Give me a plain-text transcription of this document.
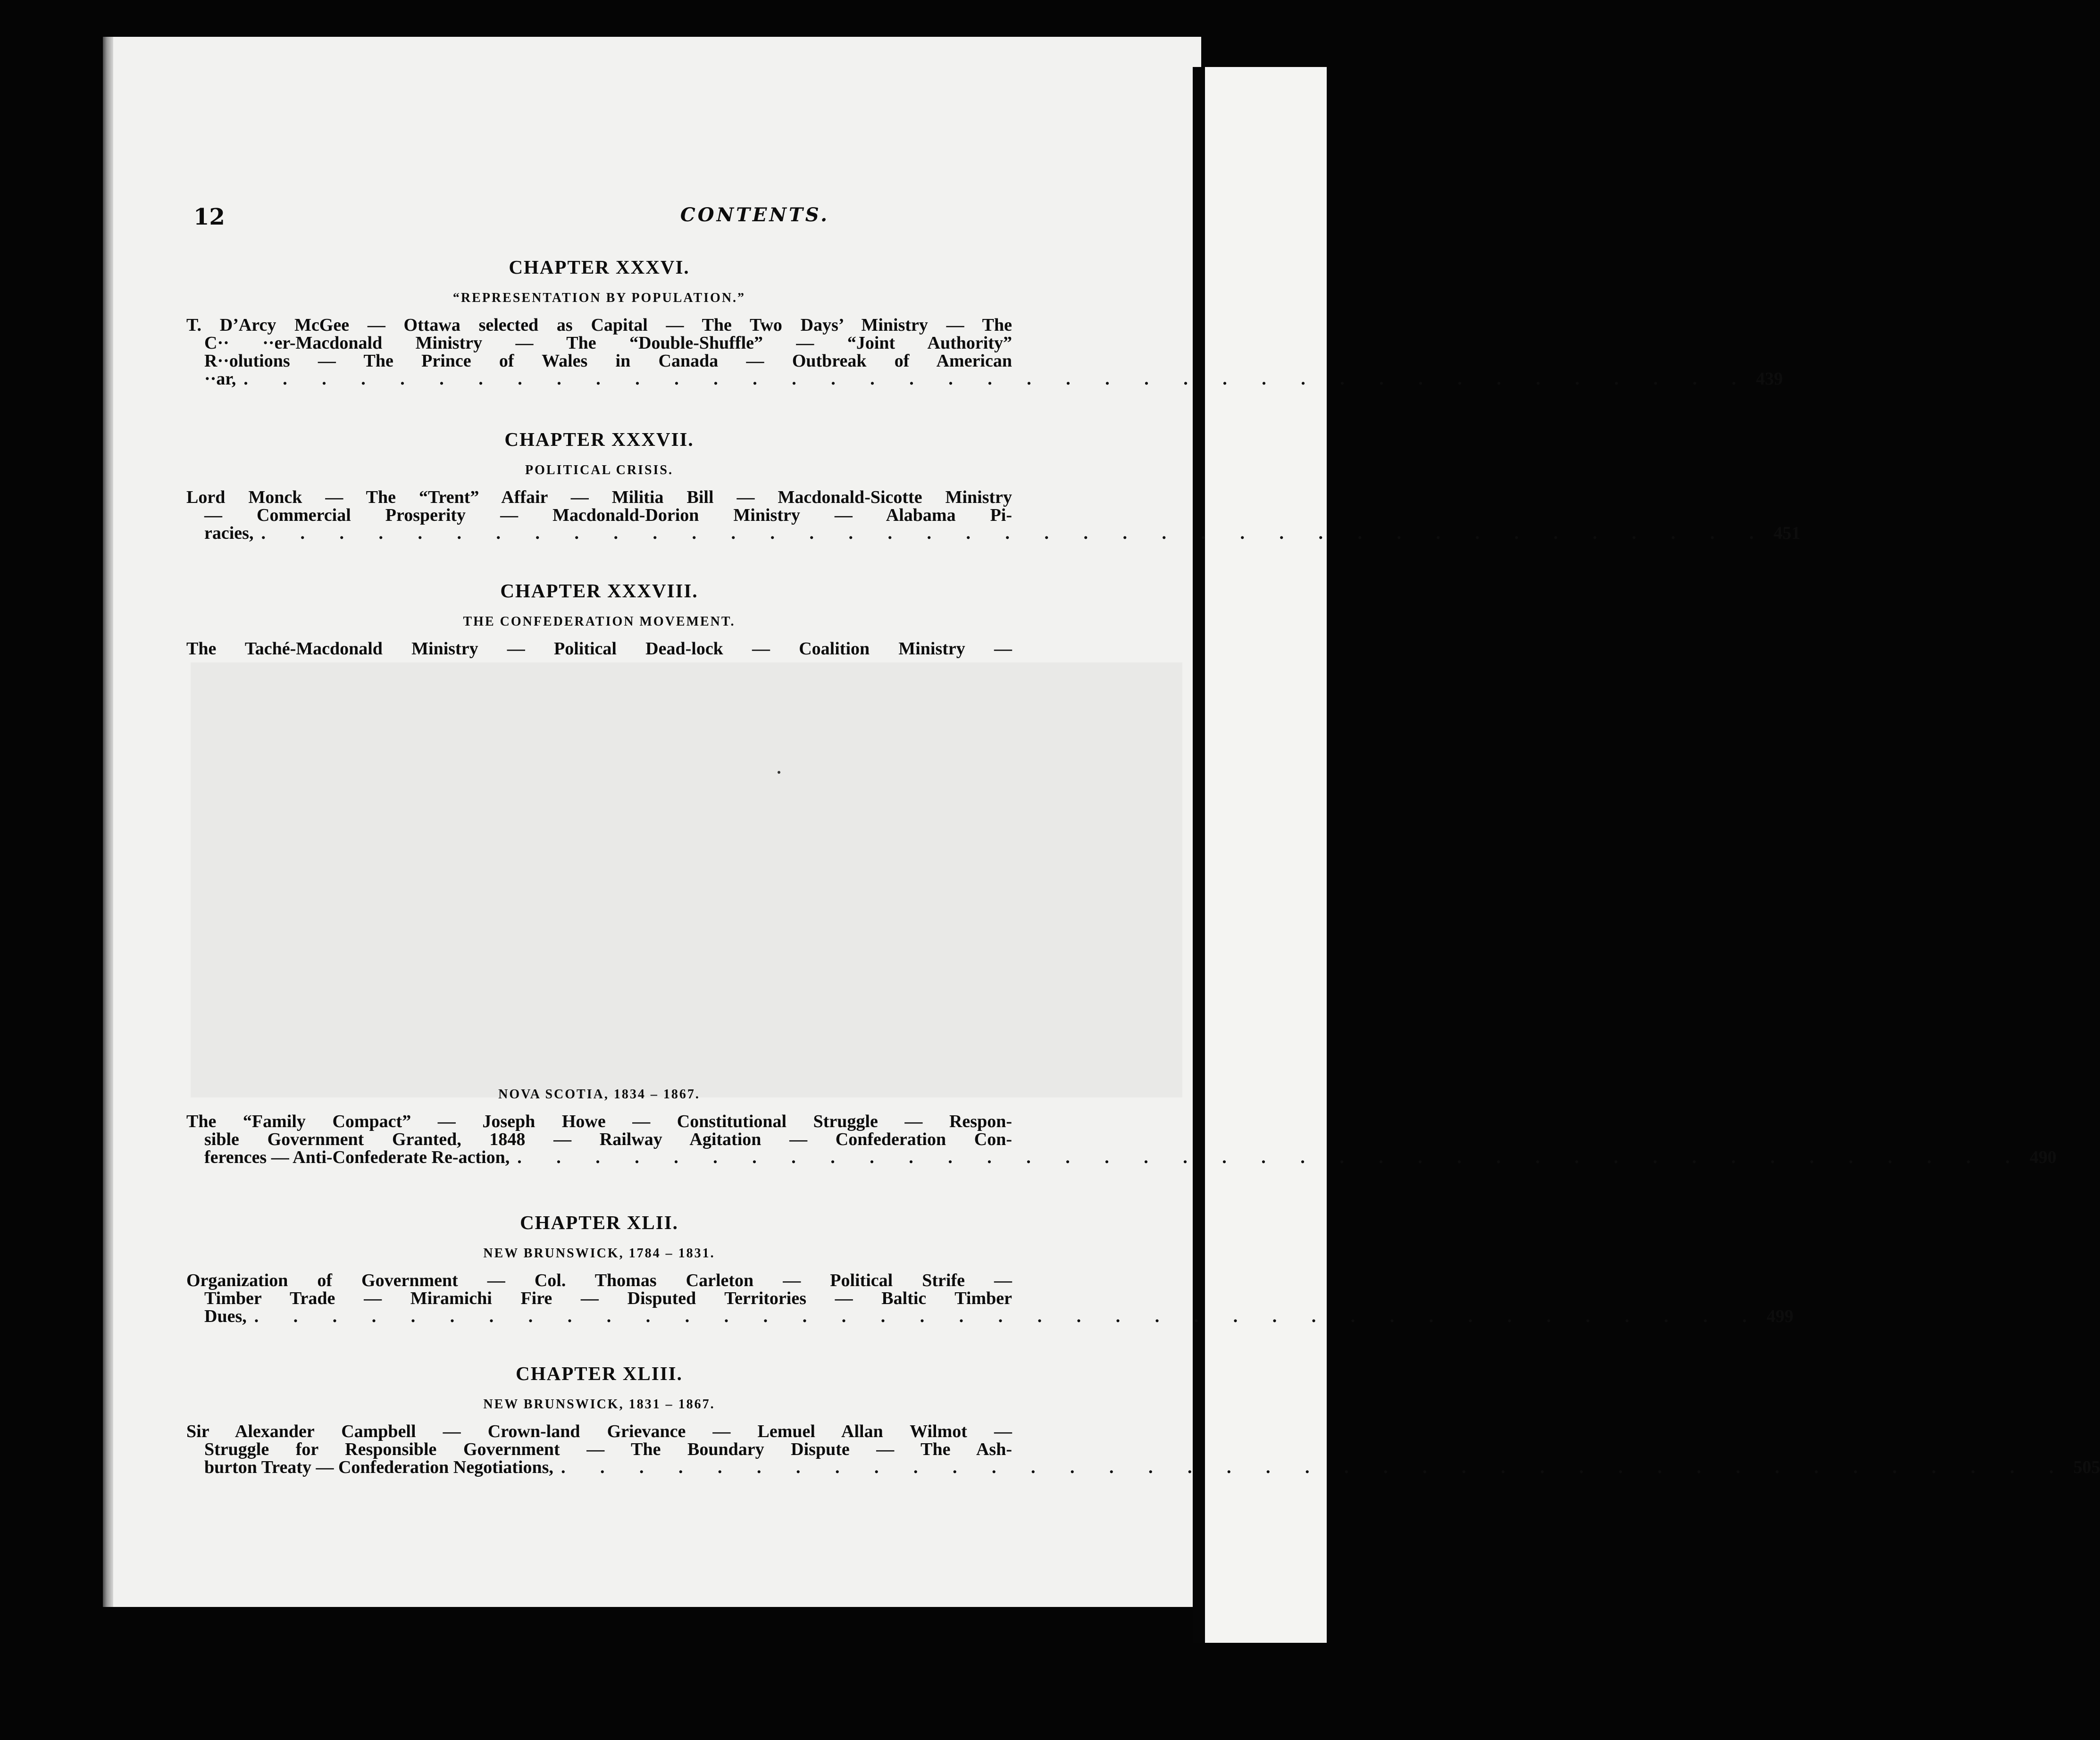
12	CONTENTS.
CHAPTER XXXVI.
“REPRESENTATION BY POPULATION.”
T. D’Arcy McGee — Ottawa selected as Capital — The Two Days’ Ministry — The
C·· ··er-Macdonald Ministry — The “Double-Shuffle” — “Joint Authority”
R··olutions — The Prince of Wales in Canada — Outbreak of American
··ar, . . . . . . . . . . . . . . . . . . . . . . . . . . . . . . . . . . . . . . . 439
CHAPTER XXXVII.
POLITICAL CRISIS.
Lord Monck — The “Trent” Affair — Militia Bill — Macdonald-Sicotte Ministry
— Commercial Prosperity — Macdonald-Dorion Ministry — Alabama Pi-
racies, . . . . . . . . . . . . . . . . . . . . . . . . . . . . . . . . . . . . . . . 451
CHAPTER XXXVIII.
THE CONFEDERATION MOVEMENT.
The Taché-Macdonald Ministry — Political Dead-lock — Coalition Ministry —
NOVA SCOTIA, 1834 – 1867.
The “Family Compact” — Joseph Howe — Constitutional Struggle — Respon-
sible Government Granted, 1848 — Railway Agitation — Confederation Con-
ferences — Anti-Confederate Re-action, . . . . . . . . . . . . . . . . . . . . . . . . . . . . . . . . . . . . . . . 490
CHAPTER XLII.
NEW BRUNSWICK, 1784 – 1831.
Organization of Government — Col. Thomas Carleton — Political Strife —
Timber Trade — Miramichi Fire — Disputed Territories — Baltic Timber
Dues, . . . . . . . . . . . . . . . . . . . . . . . . . . . . . . . . . . . . . . . 499
CHAPTER XLIII.
NEW BRUNSWICK, 1831 – 1867.
Sir Alexander Campbell — Crown-land Grievance — Lemuel Allan Wilmot —
Struggle for Responsible Government — The Boundary Dispute — The Ash-
burton Treaty — Confederation Negotiations, . . . . . . . . . . . . . . . . . . . . . . . . . . . . . . . . . . . . . . . 505
